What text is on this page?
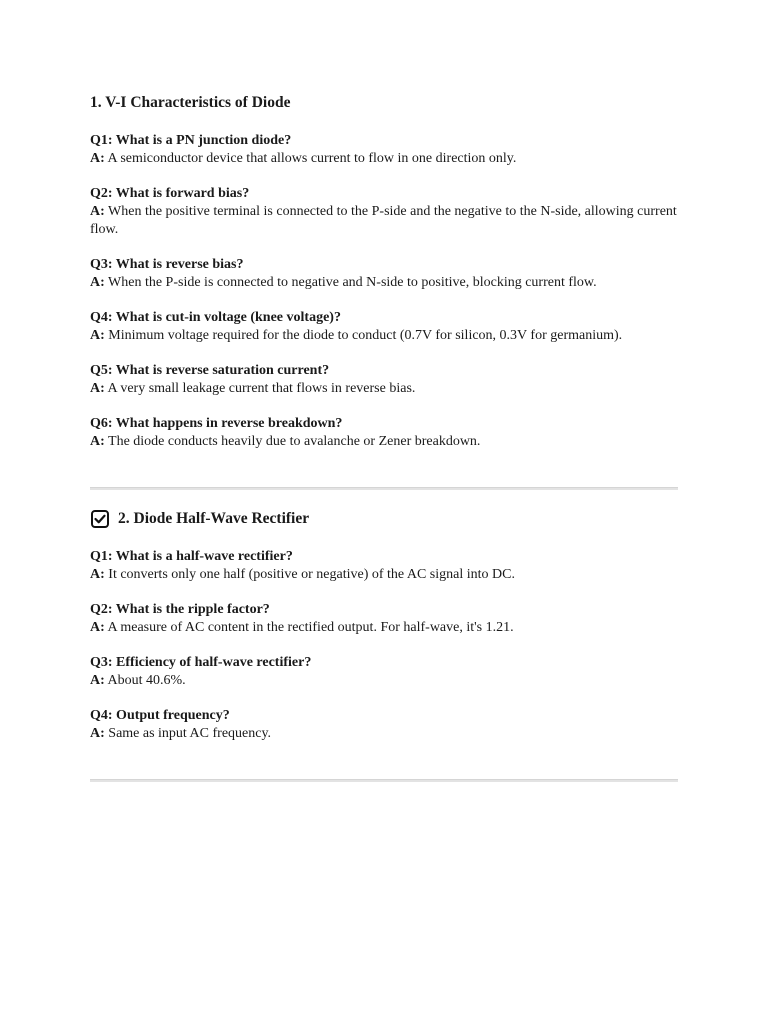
1. V-I Characteristics of Diode

Q1: What is a PN junction diode?

A: A semiconductor device that allows current to flow in one direction only.

Q2: What is forward bias?

A: When the positive terminal is connected to the P-side and the negative to the N-side, allowing current flow.

Q3: What is reverse bias?

A: When the P-side is connected to negative and N-side to positive, blocking current flow.

Q4: What is cut-in voltage (knee voltage)?

A: Minimum voltage required for the diode to conduct (0.7V for silicon, 0.3V for germanium).

Q5: What is reverse saturation current?

A: A very small leakage current that flows in reverse bias.

Q6: What happens in reverse breakdown?

A: The diode conducts heavily due to avalanche or Zener breakdown.

2. Diode Half-Wave Rectifier

Q1: What is a half-wave rectifier?

A: It converts only one half (positive or negative) of the AC signal into DC.

Q2: What is the ripple factor?

A: A measure of AC content in the rectified output. For half-wave, it's 1.21.

Q3: Efficiency of half-wave rectifier?

A: About 40.6%.

Q4: Output frequency?

A: Same as input AC frequency.
